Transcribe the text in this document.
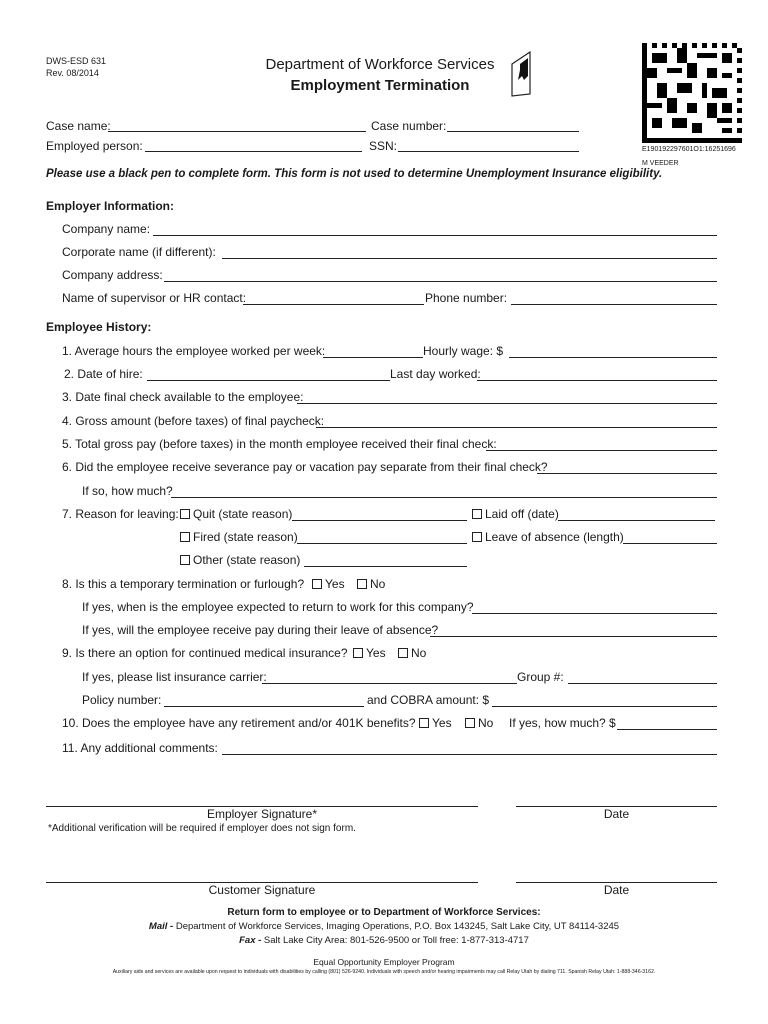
DWS-ESD 631
Rev. 08/2014	Department of Workforce Services
Employment Termination
E190192297601O1:16251696
M VEEDER
Case name:	Case number:
Employed person:	SSN:
Please use a black pen to complete form. This form is not used to determine Unemployment Insurance eligibility.
Employer Information:
Company name:
Corporate name (if different):
Company address:
Name of supervisor or HR contact:	Phone number:
Employee History:
1. Average hours the employee worked per week:	Hourly wage: $
2. Date of hire:	Last day worked:
3. Date final check available to the employee:
4. Gross amount (before taxes) of final paycheck:
5. Total gross pay (before taxes) in the month employee received their final check:
6. Did the employee receive severance pay or vacation pay separate from their final check?
If so, how much?
7. Reason for leaving:	Quit (state reason)	Laid off (date)
Fired (state reason)	Leave of absence (length)
Other (state reason)
8. Is this a temporary termination or furlough?	Yes	No
If yes, when is the employee expected to return to work for this company?
If yes, will the employee receive pay during their leave of absence?
9. Is there an option for continued medical insurance?	Yes	No
If yes, please list insurance carrier:	Group #:
Policy number:	and COBRA amount: $
10. Does the employee have any retirement and/or 401K benefits?	Yes	No If yes, how much? $
11. Any additional comments:
Employer Signature*	Date
*Additional verification will be required if employer does not sign form.
Customer Signature	Date
Return form to employee or to Department of Workforce Services:
Mail - Department of Workforce Services, Imaging Operations, P.O. Box 143245, Salt Lake City, UT 84114-3245
Fax - Salt Lake City Area: 801-526-9500 or Toll free: 1-877-313-4717
Equal Opportunity Employer Program
Auxiliary aids and services are available upon request to individuals with disabilities by calling (801) 526-9240. Individuals with speech and/or hearing impairments may call Relay Utah by dialing 711. Spanish Relay Utah: 1-888-346-3162.
